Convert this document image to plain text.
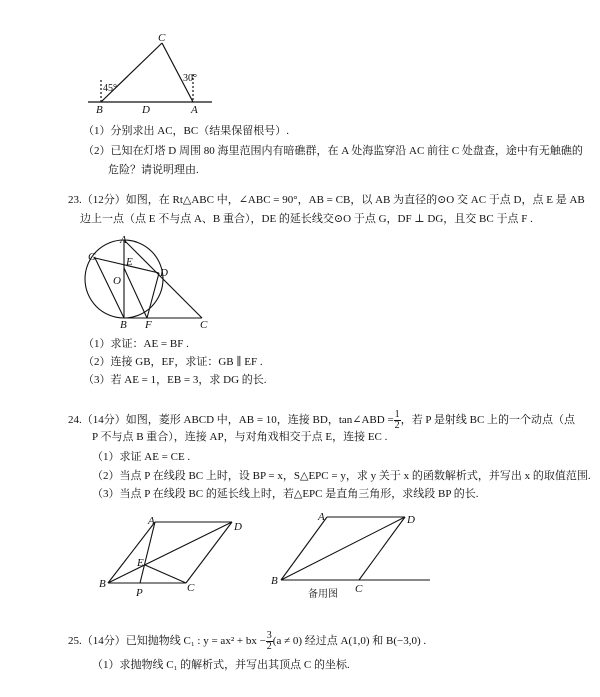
C
B	D	A
45°
30°
A
G	E
D
O
B F	C
A	D
E
B
P	C
A	D
B
C
备用图
（1）分别求出 AC，BC（结果保留根号）.
（2）已知在灯塔 D 周围 80 海里范围内有暗礁群，在 A 处海监穿沿 AC 前往 C 处盘查，途中有无触礁的
危险？请说明理由.
23.（12分）如图，在 Rt△ABC 中，∠ABC = 90°，AB = CB，以 AB 为直径的⊙O 交 AC 于点 D，点 E 是 AB
边上一点（点 E 不与点 A、B 重合），DE 的延长线交⊙O 于点 G，DF ⊥ DG，且交 BC 于点 F .
（1）求证：AE = BF .
（2）连接 GB，EF，求证：GB ∥ EF .
（3）若 AE = 1，EB = 3，求 DG 的长.
24.（14分）如图，菱形 ABCD 中，AB = 10，连接 BD，tan∠ABD = $\frac{1}{2}$ ，若 P 是射线 BC 上的一个动点（点
P 不与点 B 重合），连接 AP，与对角戏相交于点 E，连接 EC .
（1）求证 AE = CE .
（2）当点 P 在线段 BC 上时，设 BP = x，S△EPC = y，求 y 关于 x 的函数解析式，并写出 x 的取值范围.
（3）当点 P 在线段 BC 的延长线上时，若△EPC 是直角三角形，求线段 BP 的长.
25.（14分）已知抛物线 C₁ : y = ax² + bx − $\frac{3}{2} (a \ne 0)$ 经过点 A(1,0) 和 B(−3,0) .
（1）求抛物线 C₁ 的解析式，并写出其顶点 C 的坐标.
